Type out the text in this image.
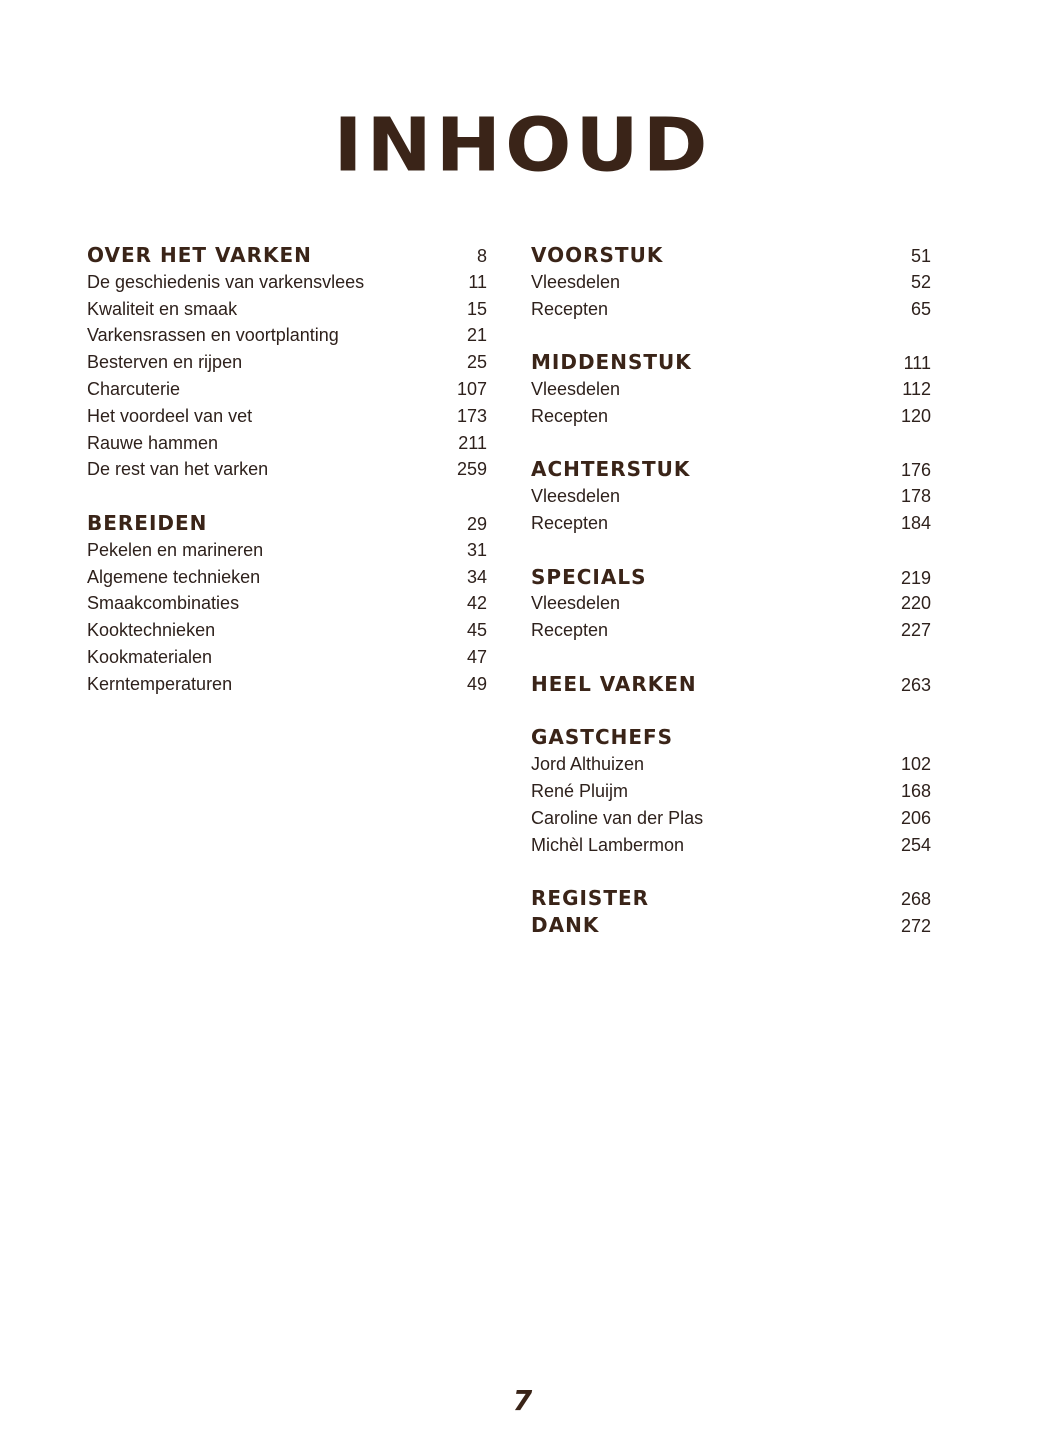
INHOUD
OVER HET VARKEN	8
De geschiedenis van varkensvlees	11
Kwaliteit en smaak	15
Varkensrassen en voortplanting	21
Besterven en rijpen	25
Charcuterie	107
Het voordeel van vet	173
Rauwe hammen	211
De rest van het varken	259
BEREIDEN	29
Pekelen en marineren	31
Algemene technieken	34
Smaakcombinaties	42
Kooktechnieken	45
Kookmaterialen	47
Kerntemperaturen	49
VOORSTUK	51
Vleesdelen	52
Recepten	65
MIDDENSTUK	111
Vleesdelen	112
Recepten	120
ACHTERSTUK	176
Vleesdelen	178
Recepten	184
SPECIALS	219
Vleesdelen	220
Recepten	227
HEEL VARKEN	263
GASTCHEFS
Jord Althuizen	102
René Pluijm	168
Caroline van der Plas	206
Michèl Lambermon	254
REGISTER	268
DANK	272
7
